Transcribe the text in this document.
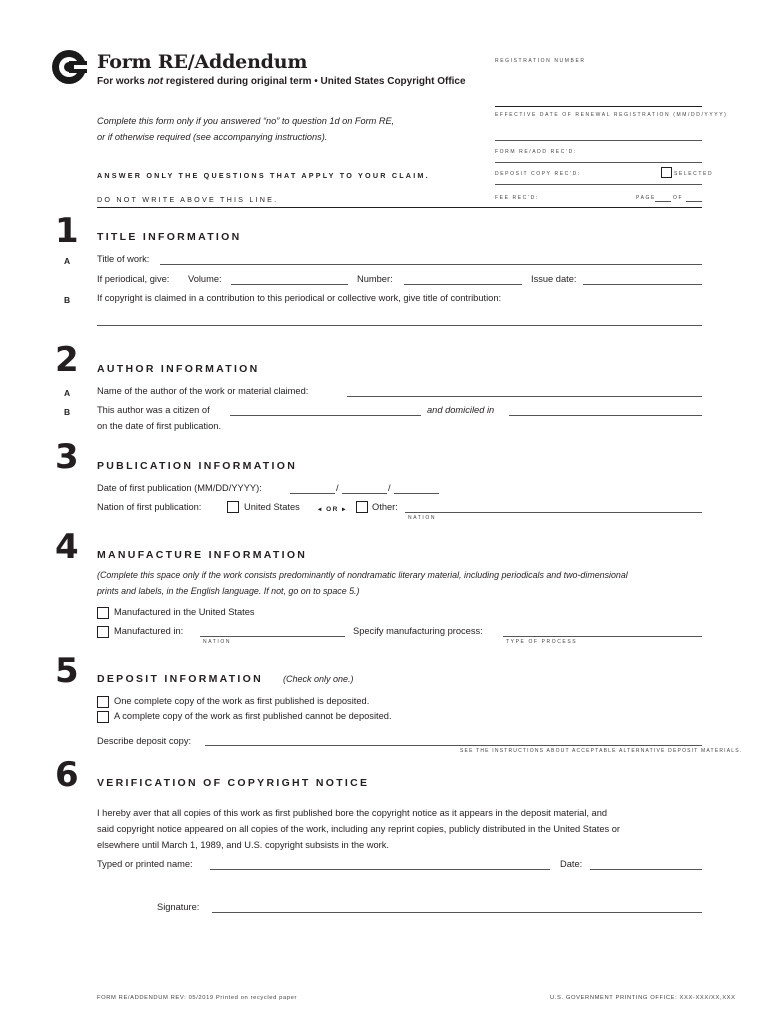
Form RE/Addendum
For works not registered during original term • United States Copyright Office
Complete this form only if you answered “no” to question 1d on Form RE,
or if otherwise required (see accompanying instructions).
ANSWER ONLY THE QUESTIONS THAT APPLY TO YOUR CLAIM.
DO NOT WRITE ABOVE THIS LINE.
REGISTRATION NUMBER
EFFECTIVE DATE OF RENEWAL REGISTRATION (MM/DD/YYYY)
FORM RE/ADD REC’D:
DEPOSIT COPY REC’D:	SELECTED
FEE REC’D:	PAGE	OF
1 TITLE INFORMATION
A	Title of work:
If periodical, give: Volume:	Number:	Issue date:
B	If copyright is claimed in a contribution to this periodical or collective work, give title of contribution:
2 AUTHOR INFORMATION
A	Name of the author of the work or material claimed:
B	This author was a citizen of	and domiciled in
on the date of first publication.
3 PUBLICATION INFORMATION
Date of first publication (MM/DD/YYYY):	/	/
Nation of first publication:	United States	◂ OR ▸	Other:
NATION
4 MANUFACTURE INFORMATION
(Complete this space only if the work consists predominantly of nondramatic literary material, including periodicals and two-dimensional
prints and labels, in the English language. If not, go on to space 5.)
Manufactured in the United States
Manufactured in:
NATION
Specify manufacturing process:
TYPE OF PROCESS
5 DEPOSIT INFORMATION (Check only one.)
One complete copy of the work as first published is deposited.
A complete copy of the work as first published cannot be deposited.
Describe deposit copy:
SEE THE INSTRUCTIONS ABOUT ACCEPTABLE ALTERNATIVE DEPOSIT MATERIALS.
6 VERIFICATION OF COPYRIGHT NOTICE
I hereby aver that all copies of this work as first published bore the copyright notice as it appears in the deposit material, and
said copyright notice appeared on all copies of the work, including any reprint copies, publicly distributed in the United States or
elsewhere until March 1, 1989, and U.S. copyright subsists in the work.
Typed or printed name:	Date:
Signature:
FORM RE/ADDENDUM REV: 05/2019 Printed on recycled paper	U.S. GOVERNMENT PRINTING OFFICE: XXX-XXX/XX,XXX
